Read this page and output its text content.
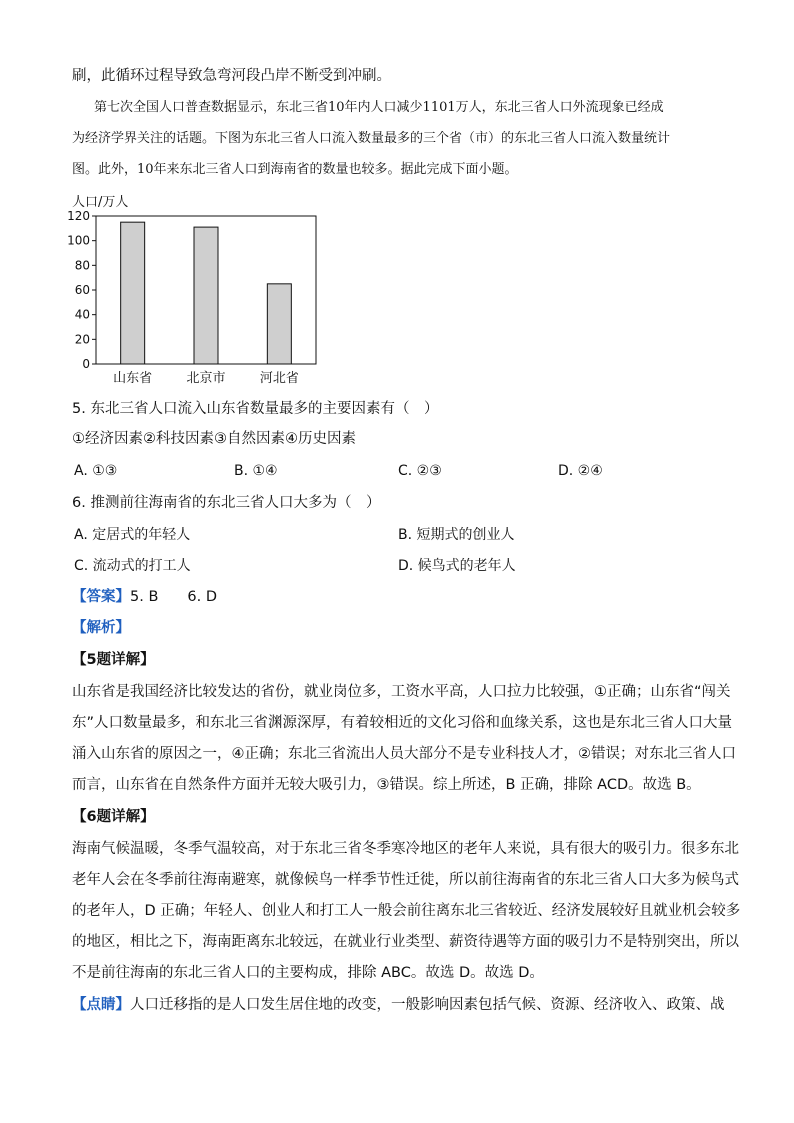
刷，此循环过程导致急弯河段凸岸不断受到冲刷。
第七次全国人口普查数据显示，东北三省10年内人口减少1101万人，东北三省人口外流现象已经成
为经济学界关注的话题。下图为东北三省人口流入数量最多的三个省（市）的东北三省人口流入数量统计
图。此外，10年来东北三省人口到海南省的数量也较多。据此完成下面小题。
人口/万人
山东省	北京市	河北省
0
20
40
60
80
100
120
5. 东北三省人口流入山东省数量最多的主要因素有（　）
①经济因素②科技因素③自然因素④历史因素
A. ①③	B. ①④	C. ②③	D. ②④
6. 推测前往海南省的东北三省人口大多为（　）
A. 定居式的年轻人	B. 短期式的创业人
C. 流动式的打工人	D. 候鸟式的老年人
【答案】5. B　　6. D
【解析】
【5题详解】
山东省是我国经济比较发达的省份，就业岗位多，工资水平高，人口拉力比较强，①正确；山东省“闯关
东”人口数量最多，和东北三省渊源深厚，有着较相近的文化习俗和血缘关系，这也是东北三省人口大量
涌入山东省的原因之一，④正确；东北三省流出人员大部分不是专业科技人才，②错误；对东北三省人口
而言，山东省在自然条件方面并无较大吸引力，③错误。综上所述，B 正确，排除 ACD。故选 B。
【6题详解】
海南气候温暖，冬季气温较高，对于东北三省冬季寒冷地区的老年人来说，具有很大的吸引力。很多东北
老年人会在冬季前往海南避寒，就像候鸟一样季节性迁徙，所以前往海南省的东北三省人口大多为候鸟式
的老年人，D 正确；年轻人、创业人和打工人一般会前往离东北三省较近、经济发展较好且就业机会较多
的地区，相比之下，海南距离东北较远，在就业行业类型、薪资待遇等方面的吸引力不是特别突出，所以
不是前往海南的东北三省人口的主要构成，排除 ABC。故选 D。故选 D。
【点睛】人口迁移指的是人口发生居住地的改变，一般影响因素包括气候、资源、经济收入、政策、战
